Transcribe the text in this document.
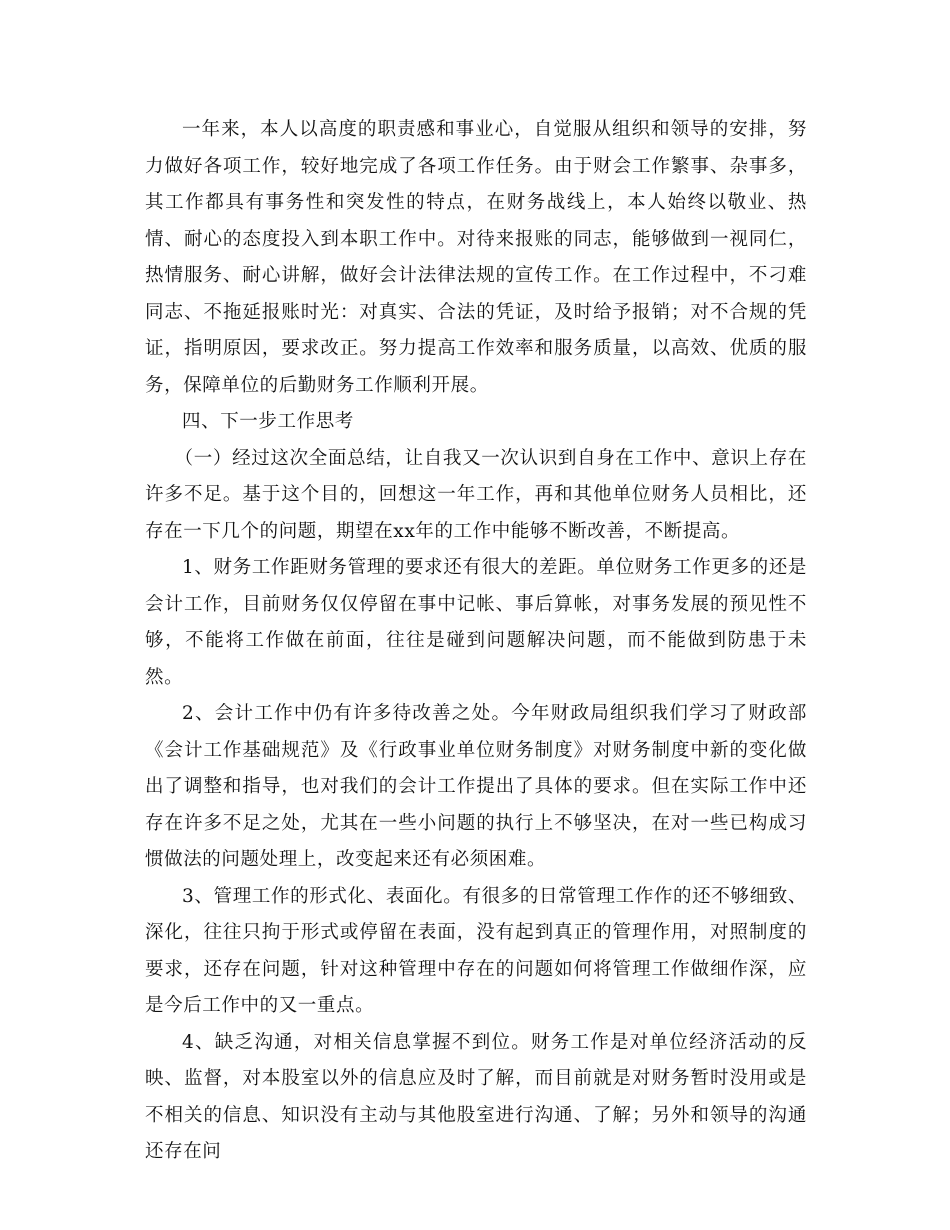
一年来，本人以高度的职责感和事业心，自觉服从组织和领导的安排，努力做好各项工作，较好地完成了各项工作任务。由于财会工作繁事、杂事多，其工作都具有事务性和突发性的特点，在财务战线上，本人始终以敬业、热情、耐心的态度投入到本职工作中。对待来报账的同志，能够做到一视同仁，热情服务、耐心讲解，做好会计法律法规的宣传工作。在工作过程中，不刁难同志、不拖延报账时光：对真实、合法的凭证，及时给予报销；对不合规的凭证，指明原因，要求改正。努力提高工作效率和服务质量，以高效、优质的服务，保障单位的后勤财务工作顺利开展。

四、下一步工作思考

（一）经过这次全面总结，让自我又一次认识到自身在工作中、意识上存在许多不足。基于这个目的，回想这一年工作，再和其他单位财务人员相比，还存在一下几个的问题，期望在xx年的工作中能够不断改善，不断提高。

1、财务工作距财务管理的要求还有很大的差距。单位财务工作更多的还是会计工作，目前财务仅仅停留在事中记帐、事后算帐，对事务发展的预见性不够，不能将工作做在前面，往往是碰到问题解决问题，而不能做到防患于未然。

2、会计工作中仍有许多待改善之处。今年财政局组织我们学习了财政部《会计工作基础规范》及《行政事业单位财务制度》对财务制度中新的变化做出了调整和指导，也对我们的会计工作提出了具体的要求。但在实际工作中还存在许多不足之处，尤其在一些小问题的执行上不够坚决，在对一些已构成习惯做法的问题处理上，改变起来还有必须困难。

3、管理工作的形式化、表面化。有很多的日常管理工作作的还不够细致、深化，往往只拘于形式或停留在表面，没有起到真正的管理作用，对照制度的要求，还存在问题，针对这种管理中存在的问题如何将管理工作做细作深，应是今后工作中的又一重点。

4、缺乏沟通，对相关信息掌握不到位。财务工作是对单位经济活动的反映、监督，对本股室以外的信息应及时了解，而目前就是对财务暂时没用或是不相关的信息、知识没有主动与其他股室进行沟通、了解；另外和领导的沟通还存在问
